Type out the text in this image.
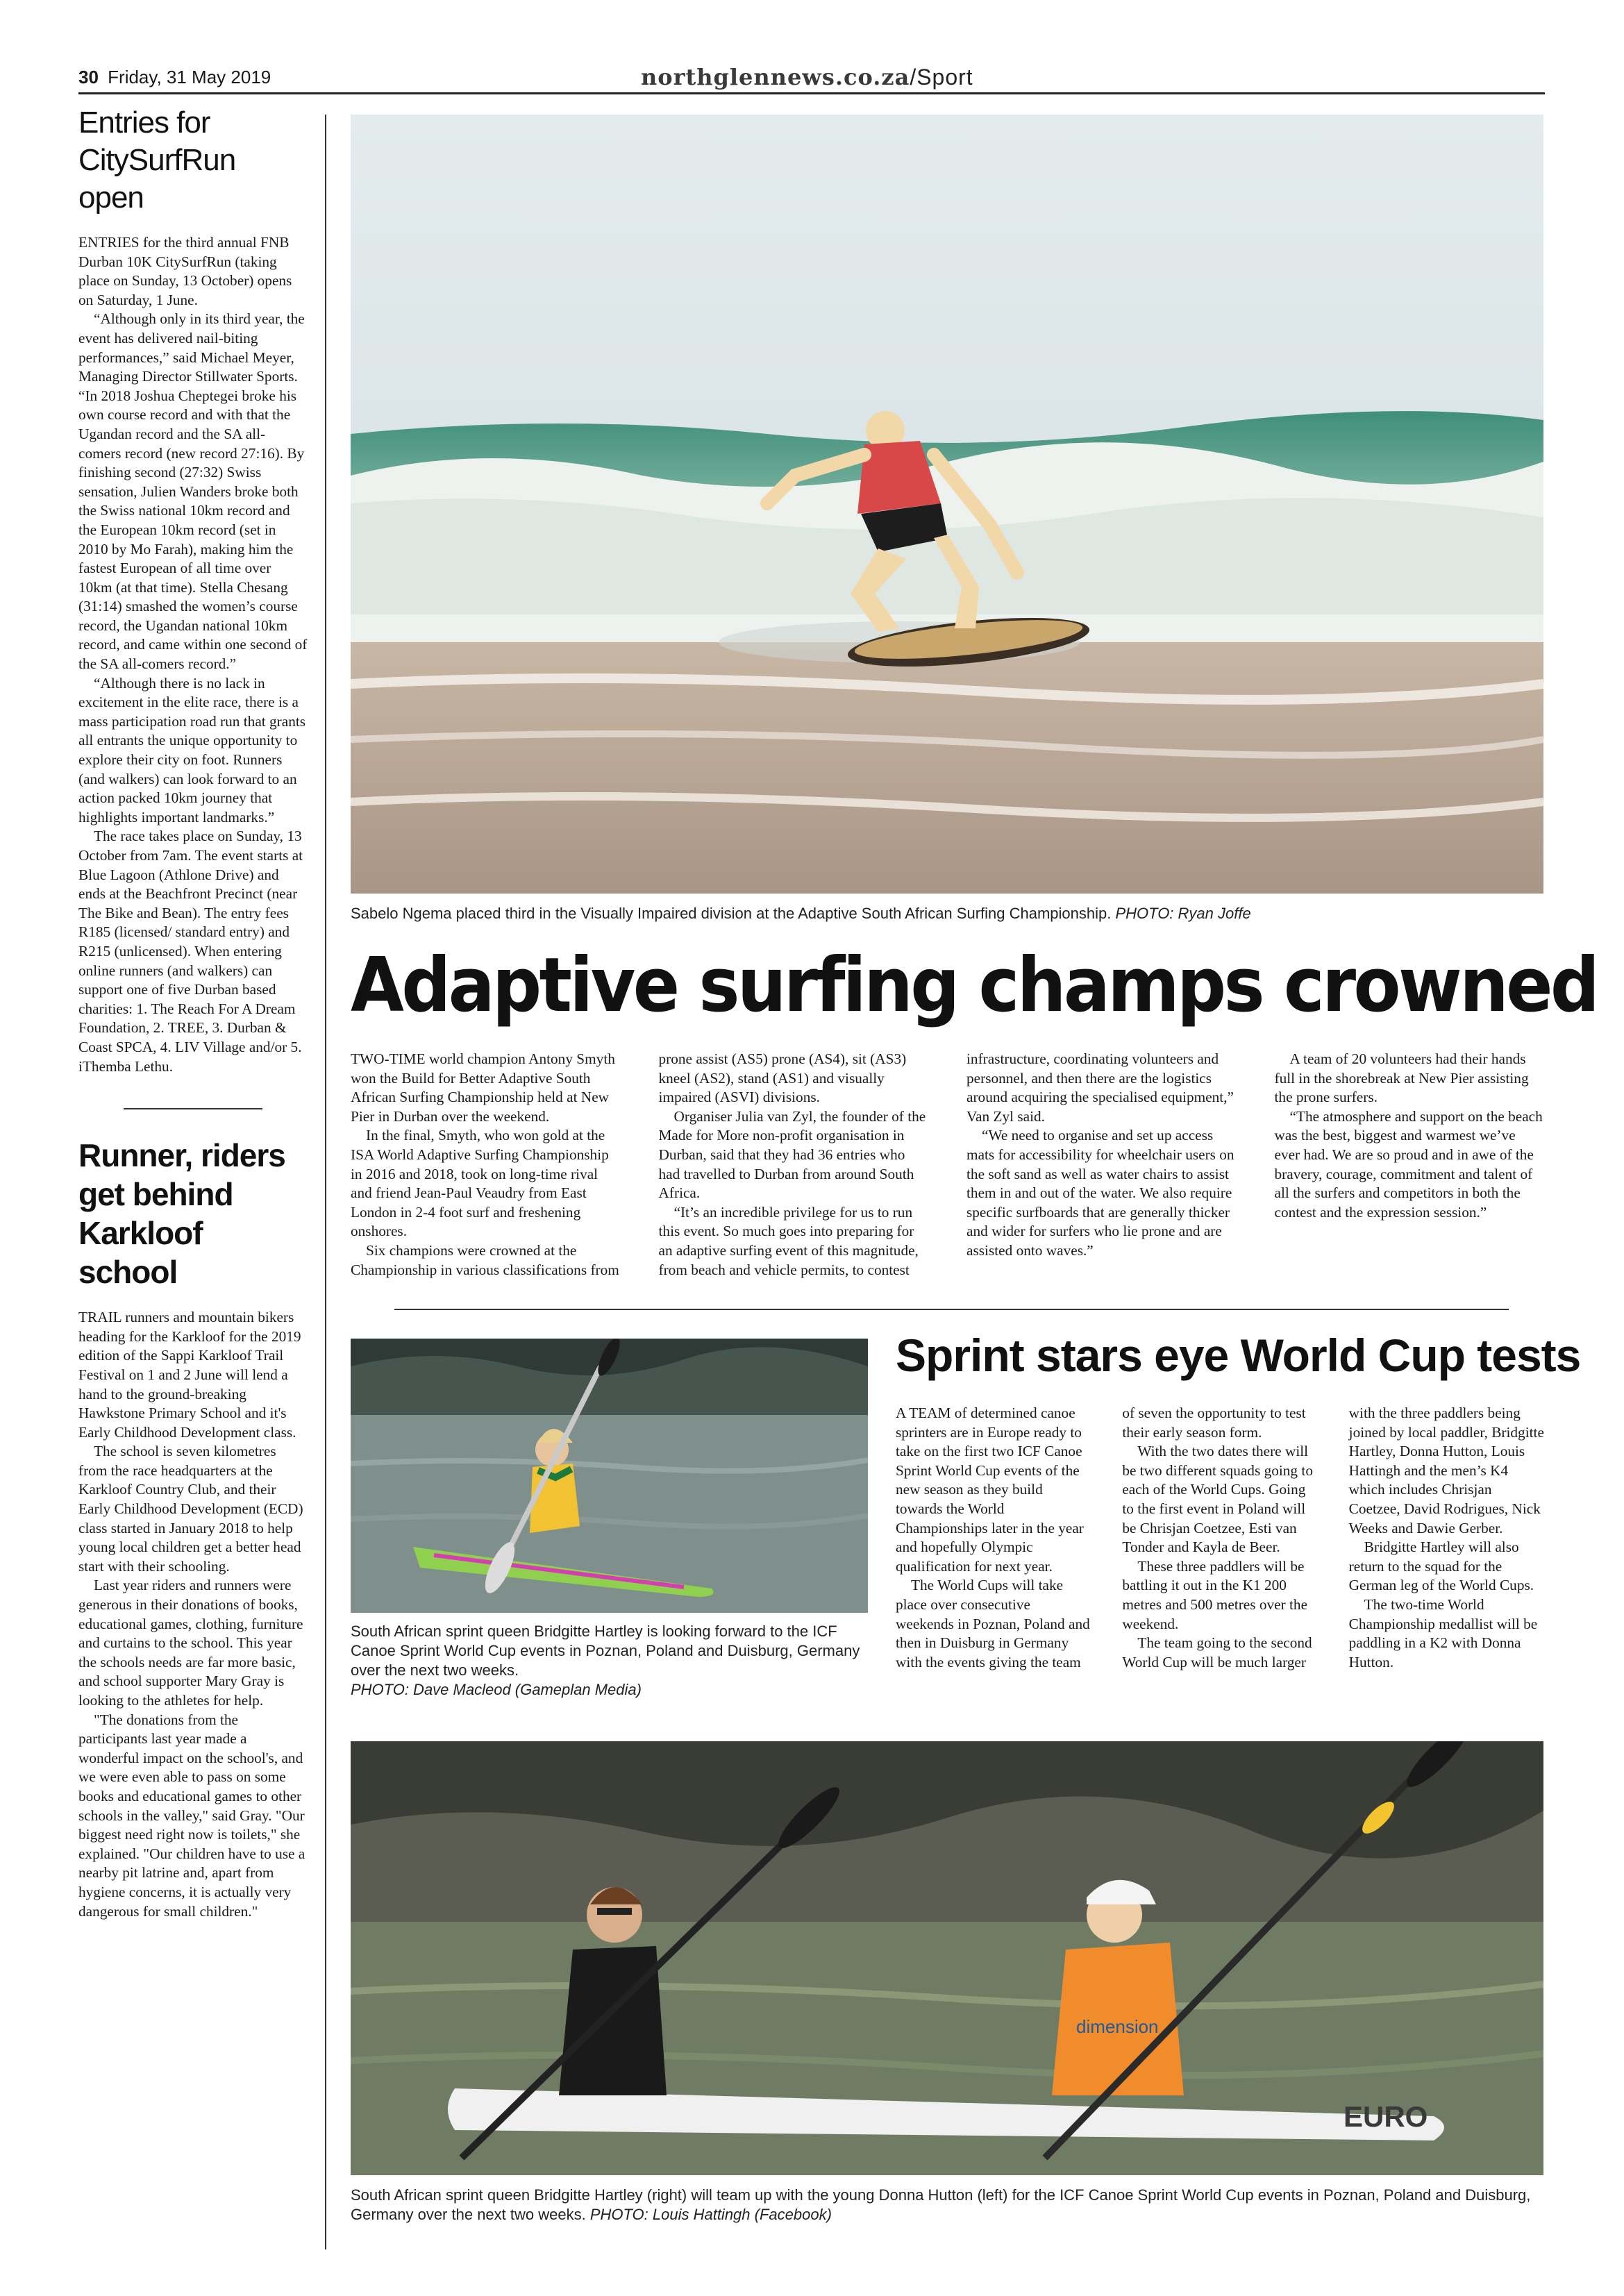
30 Friday, 31 May 2019	northglennews.co.za/Sport
Entries for CitySurfRun open

ENTRIES for the third annual FNB Durban 10K CitySurfRun (taking place on Sunday, 13 October) opens on Saturday, 1 June.

“Although only in its third year, the event has delivered nail-biting performances,” said Michael Meyer, Managing Director Stillwater Sports. “In 2018 Joshua Cheptegei broke his own course record and with that the Ugandan record and the SA all-comers record (new record 27:16). By finishing second (27:32) Swiss sensation, Julien Wanders broke both the Swiss national 10km record and the European 10km record (set in 2010 by Mo Farah), making him the fastest European of all time over 10km (at that time). Stella Chesang (31:14) smashed the women’s course record, the Ugandan national 10km record, and came within one second of the SA all-comers record.”

“Although there is no lack in excitement in the elite race, there is a mass participation road run that grants all entrants the unique opportunity to explore their city on foot. Runners (and walkers) can look forward to an action packed 10km journey that highlights important landmarks.”

The race takes place on Sunday, 13 October from 7am. The event starts at Blue Lagoon (Athlone Drive) and ends at the Beachfront Precinct (near The Bike and Bean). The entry fees R185 (licensed/ standard entry) and R215 (unlicensed). When entering online runners (and walkers) can support one of five Durban based charities: 1. The Reach For A Dream Foundation, 2. TREE, 3. Durban & Coast SPCA, 4. LIV Village and/or 5. iThemba Lethu.

Runner, riders get behind Karkloof school

TRAIL runners and mountain bikers heading for the Karkloof for the 2019 edition of the Sappi Karkloof Trail Festival on 1 and 2 June will lend a hand to the ground-breaking Hawkstone Primary School and it's Early Childhood Development class.

The school is seven kilometres from the race headquarters at the Karkloof Country Club, and their Early Childhood Development (ECD) class started in January 2018 to help young local children get a better head start with their schooling.

Last year riders and runners were generous in their donations of books, educational games, clothing, furniture and curtains to the school. This year the schools needs are far more basic, and school supporter Mary Gray is looking to the athletes for help.

"The donations from the participants last year made a wonderful impact on the school's, and we were even able to pass on some books and educational games to other schools in the valley," said Gray. "Our biggest need right now is toilets," she explained. "Our children have to use a nearby pit latrine and, apart from hygiene concerns, it is actually very dangerous for small children."

Sabelo Ngema placed third in the Visually Impaired division at the Adaptive South African Surfing Championship. PHOTO: Ryan Joffe
Adaptive surfing champs crowned

TWO-TIME world champion Antony Smyth won the Build for Better Adaptive South African Surfing Championship held at New Pier in Durban over the weekend.

In the final, Smyth, who won gold at the ISA World Adaptive Surfing Championship in 2016 and 2018, took on long-time rival and friend Jean-Paul Veaudry from East London in 2-4 foot surf and freshening onshores.

Six champions were crowned at the Championship in various classifications from prone assist (AS5) prone (AS4), sit (AS3) kneel (AS2), stand (AS1) and visually impaired (ASVI) divisions.

Organiser Julia van Zyl, the founder of the Made for More non-profit organisation in Durban, said that they had 36 entries who had travelled to Durban from around South Africa.

“It’s an incredible privilege for us to run this event. So much goes into preparing for an adaptive surfing event of this magnitude, from beach and vehicle permits, to contest infrastructure, coordinating volunteers and personnel, and then there are the logistics around acquiring the specialised equipment,” Van Zyl said.

“We need to organise and set up access mats for accessibility for wheelchair users on the soft sand as well as water chairs to assist them in and out of the water. We also require specific surfboards that are generally thicker and wider for surfers who lie prone and are assisted onto waves.”

A team of 20 volunteers had their hands full in the shorebreak at New Pier assisting the prone surfers.

“The atmosphere and support on the beach was the best, biggest and warmest we’ve ever had. We are so proud and in awe of the bravery, courage, commitment and talent of all the surfers and competitors in both the contest and the expression session.”

South African sprint queen Bridgitte Hartley is looking forward to the ICF Canoe Sprint World Cup events in Poznan, Poland and Duisburg, Germany over the next two weeks.
PHOTO: Dave Macleod (Gameplan Media)
Sprint stars eye World Cup tests

A TEAM of determined canoe sprinters are in Europe ready to take on the first two ICF Canoe Sprint World Cup events of the new season as they build towards the World Championships later in the year and hopefully Olympic qualification for next year.

The World Cups will take place over consecutive weekends in Poznan, Poland and then in Duisburg in Germany with the events giving the team of seven the opportunity to test their early season form.

With the two dates there will be two different squads going to each of the World Cups. Going to the first event in Poland will be Chrisjan Coetzee, Esti van Tonder and Kayla de Beer.

These three paddlers will be battling it out in the K1 200 metres and 500 metres over the weekend.

The team going to the second World Cup will be much larger with the three paddlers being joined by local paddler, Bridgitte Hartley, Donna Hutton, Louis Hattingh and the men’s K4 which includes Chrisjan Coetzee, David Rodrigues, Nick Weeks and Dawie Gerber.

Bridgitte Hartley will also return to the squad for the German leg of the World Cups.

The two-time World Championship medallist will be paddling in a K2 with Donna Hutton.

EURO
dimension
South African sprint queen Bridgitte Hartley (right) will team up with the young Donna Hutton (left) for the ICF Canoe Sprint World Cup events in Poznan, Poland and Duisburg, Germany over the next two weeks. PHOTO: Louis Hattingh (Facebook)
